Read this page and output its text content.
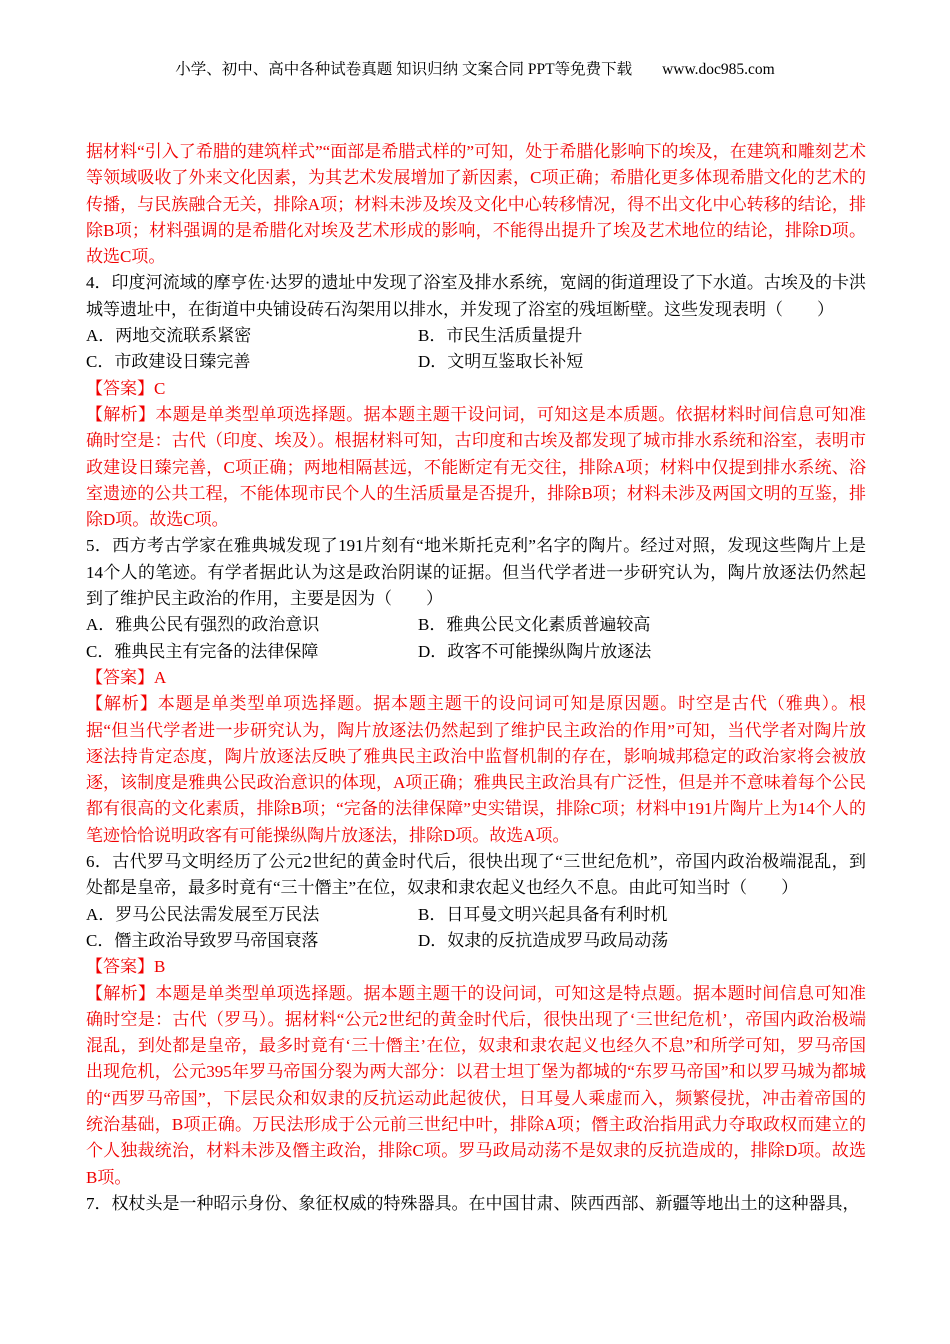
小学、初中、高中各种试卷真题 知识归纳 文案合同 PPT等免费下载 www.doc985.com

据材料“引入了希腊的建筑样式”“面部是希腊式样的”可知，处于希腊化影响下的埃及，在建筑和雕刻艺术等领域吸收了外来文化因素，为其艺术发展增加了新因素，C项正确；希腊化更多体现希腊文化的艺术的传播，与民族融合无关，排除A项；材料未涉及埃及文化中心转移情况，得不出文化中心转移的结论，排除B项；材料强调的是希腊化对埃及艺术形成的影响，不能得出提升了埃及艺术地位的结论，排除D项。故选C项。

4．印度河流域的摩亨佐·达罗的遗址中发现了浴室及排水系统，宽阔的街道理设了下水道。古埃及的卡洪城等遗址中，在街道中央铺设砖石沟架用以排水，并发现了浴室的残垣断壁。这些发现表明（　　）

A．两地交流联系紧密	B．市民生活质量提升
C．市政建设日臻完善	D．文明互鉴取长补短

【答案】C

【解析】本题是单类型单项选择题。据本题主题干设问词，可知这是本质题。依据材料时间信息可知准确时空是：古代（印度、埃及）。根据材料可知，古印度和古埃及都发现了城市排水系统和浴室，表明市政建设日臻完善，C项正确；两地相隔甚远，不能断定有无交往，排除A项；材料中仅提到排水系统、浴室遗迹的公共工程，不能体现市民个人的生活质量是否提升，排除B项；材料未涉及两国文明的互鉴，排除D项。故选C项。

5．西方考古学家在雅典城发现了191片刻有“地米斯托克利”名字的陶片。经过对照，发现这些陶片上是14个人的笔迹。有学者据此认为这是政治阴谋的证据。但当代学者进一步研究认为，陶片放逐法仍然起到了维护民主政治的作用，主要是因为（　　）

A．雅典公民有强烈的政治意识	B．雅典公民文化素质普遍较高
C．雅典民主有完备的法律保障	D．政客不可能操纵陶片放逐法

【答案】A

【解析】本题是单类型单项选择题。据本题主题干的设问词可知是原因题。时空是古代（雅典）。根据“但当代学者进一步研究认为，陶片放逐法仍然起到了维护民主政治的作用”可知，当代学者对陶片放逐法持肯定态度，陶片放逐法反映了雅典民主政治中监督机制的存在，影响城邦稳定的政治家将会被放逐，该制度是雅典公民政治意识的体现，A项正确；雅典民主政治具有广泛性，但是并不意味着每个公民都有很高的文化素质，排除B项；“完备的法律保障”史实错误，排除C项；材料中191片陶片上为14个人的笔迹恰恰说明政客有可能操纵陶片放逐法，排除D项。故选A项。

6．古代罗马文明经历了公元2世纪的黄金时代后，很快出现了“三世纪危机”，帝国内政治极端混乱，到处都是皇帝，最多时竟有“三十僭主”在位，奴隶和隶农起义也经久不息。由此可知当时（　　）

A．罗马公民法需发展至万民法	B．日耳曼文明兴起具备有利时机
C．僭主政治导致罗马帝国衰落	D．奴隶的反抗造成罗马政局动荡

【答案】B

【解析】本题是单类型单项选择题。据本题主题干的设问词，可知这是特点题。据本题时间信息可知准确时空是：古代（罗马）。据材料“公元2世纪的黄金时代后，很快出现了‘三世纪危机’，帝国内政治极端混乱，到处都是皇帝，最多时竟有‘三十僭主’在位，奴隶和隶农起义也经久不息”和所学可知，罗马帝国出现危机，公元395年罗马帝国分裂为两大部分：以君士坦丁堡为都城的“东罗马帝国”和以罗马城为都城的“西罗马帝国”，下层民众和奴隶的反抗运动此起彼伏，日耳曼人乘虚而入，频繁侵扰，冲击着帝国的统治基础，B项正确。万民法形成于公元前三世纪中叶，排除A项；僭主政治指用武力夺取政权而建立的个人独裁统治，材料未涉及僭主政治，排除C项。罗马政局动荡不是奴隶的反抗造成的，排除D项。故选B项。

7．权杖头是一种昭示身份、象征权威的特殊器具。在中国甘肃、陕西西部、新疆等地出土的这种器具，
